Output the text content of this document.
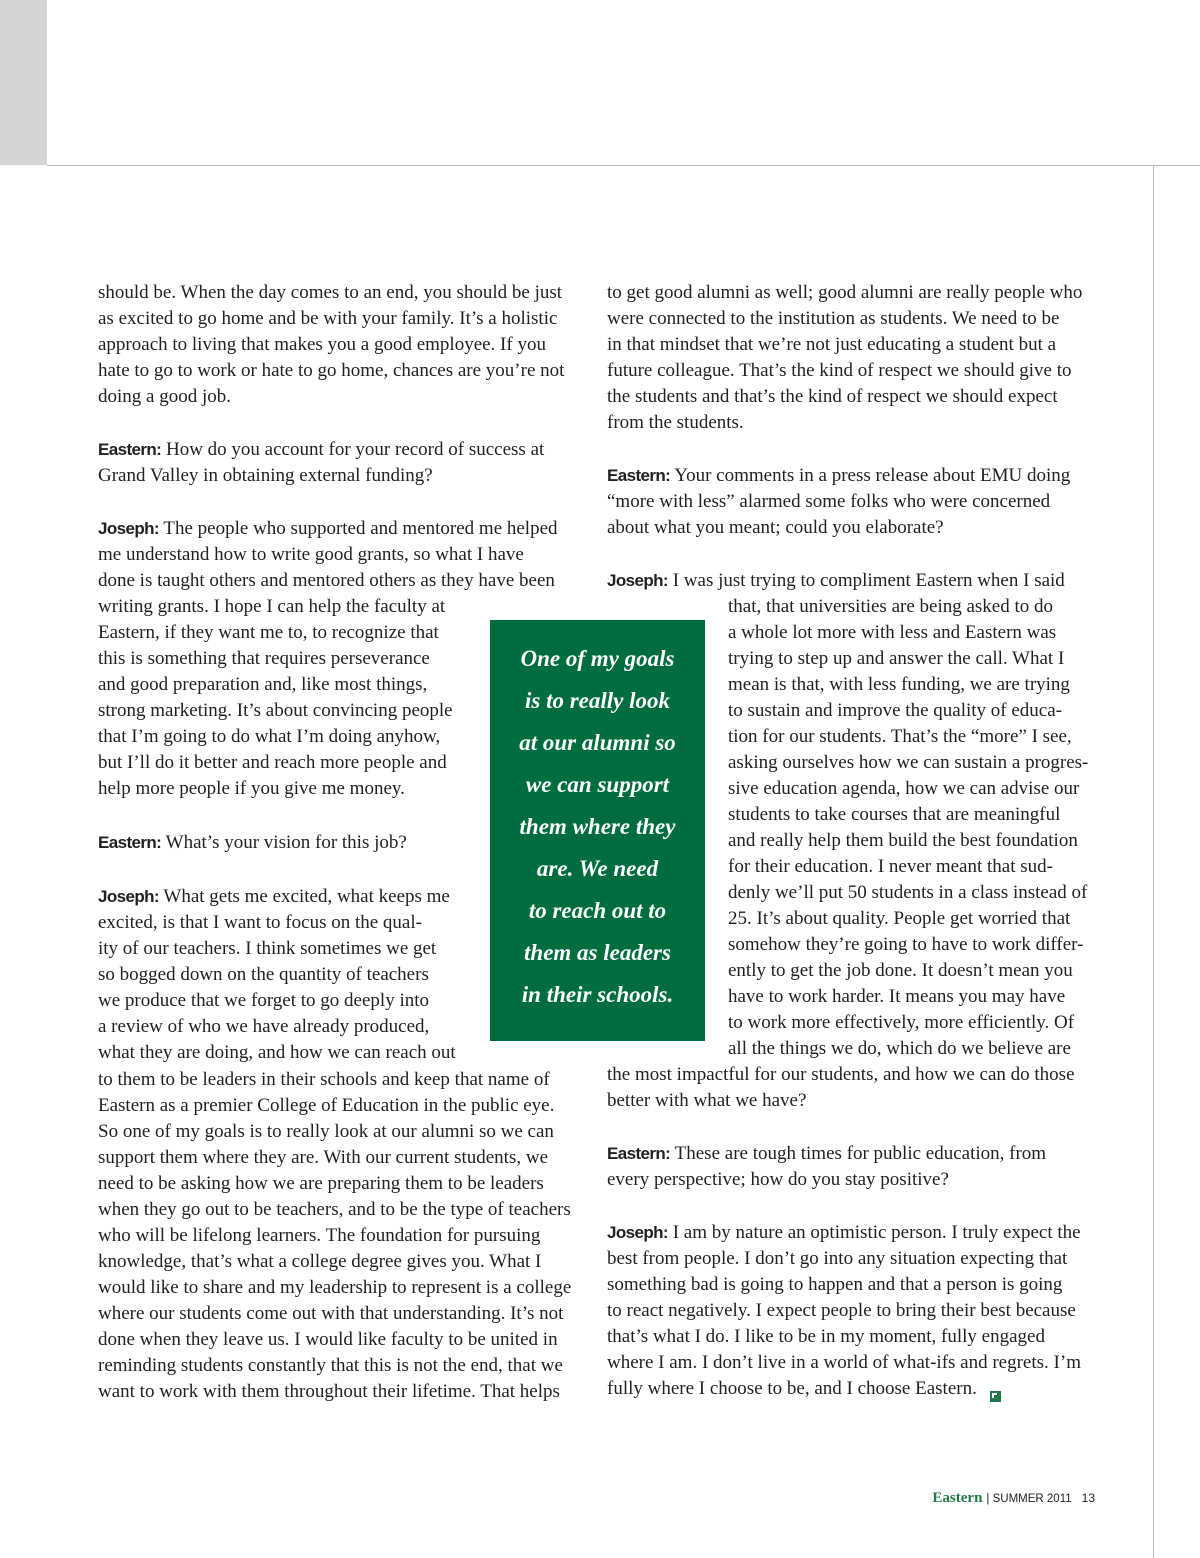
should be. When the day comes to an end, you should be just
as excited to go home and be with your family. It’s a holistic
approach to living that makes you a good employee. If you
hate to go to work or hate to go home, chances are you’re not
doing a good job.
Eastern: How do you account for your record of success at
Grand Valley in obtaining external funding?
Joseph: The people who supported and mentored me helped
me understand how to write good grants, so what I have
done is taught others and mentored others as they have been
writing grants. I hope I can help the faculty at
Eastern, if they want me to, to recognize that
this is something that requires perseverance
and good preparation and, like most things,
strong marketing. It’s about convincing people
that I’m going to do what I’m doing anyhow,
but I’ll do it better and reach more people and
help more people if you give me money.
Eastern: What’s your vision for this job?
Joseph: What gets me excited, what keeps me
excited, is that I want to focus on the qual-
ity of our teachers. I think sometimes we get
so bogged down on the quantity of teachers
we produce that we forget to go deeply into
a review of who we have already produced,
what they are doing, and how we can reach out
to them to be leaders in their schools and keep that name of
Eastern as a premier College of Education in the public eye.
So one of my goals is to really look at our alumni so we can
support them where they are. With our current students, we
need to be asking how we are preparing them to be leaders
when they go out to be teachers, and to be the type of teachers
who will be lifelong learners. The foundation for pursuing
knowledge, that’s what a college degree gives you. What I
would like to share and my leadership to represent is a college
where our students come out with that understanding. It’s not
done when they leave us. I would like faculty to be united in
reminding students constantly that this is not the end, that we
want to work with them throughout their lifetime. That helps
to get good alumni as well; good alumni are really people who
were connected to the institution as students. We need to be
in that mindset that we’re not just educating a student but a
future colleague. That’s the kind of respect we should give to
the students and that’s the kind of respect we should expect
from the students.
Eastern: Your comments in a press release about EMU doing
“more with less” alarmed some folks who were concerned
about what you meant; could you elaborate?
Joseph: I was just trying to compliment Eastern when I said
that, that universities are being asked to do
a whole lot more with less and Eastern was
trying to step up and answer the call. What I
mean is that, with less funding, we are trying
to sustain and improve the quality of educa-
tion for our students. That’s the “more” I see,
asking ourselves how we can sustain a progres-
sive education agenda, how we can advise our
students to take courses that are meaningful
and really help them build the best foundation
for their education. I never meant that sud-
denly we’ll put 50 students in a class instead of
25. It’s about quality. People get worried that
somehow they’re going to have to work differ-
ently to get the job done. It doesn’t mean you
have to work harder. It means you may have
to work more effectively, more efficiently. Of
all the things we do, which do we believe are
the most impactful for our students, and how we can do those
better with what we have?
Eastern: These are tough times for public education, from
every perspective; how do you stay positive?
Joseph: I am by nature an optimistic person. I truly expect the
best from people. I don’t go into any situation expecting that
something bad is going to happen and that a person is going
to react negatively. I expect people to bring their best because
that’s what I do. I like to be in my moment, fully engaged
where I am. I don’t live in a world of what-ifs and regrets. I’m
fully where I choose to be, and I choose Eastern.
One of my goals
is to really look
at our alumni so
we can support
them where they
are. We need
to reach out to
them as leaders
in their schools.
Eastern | SUMMER 2011 13
